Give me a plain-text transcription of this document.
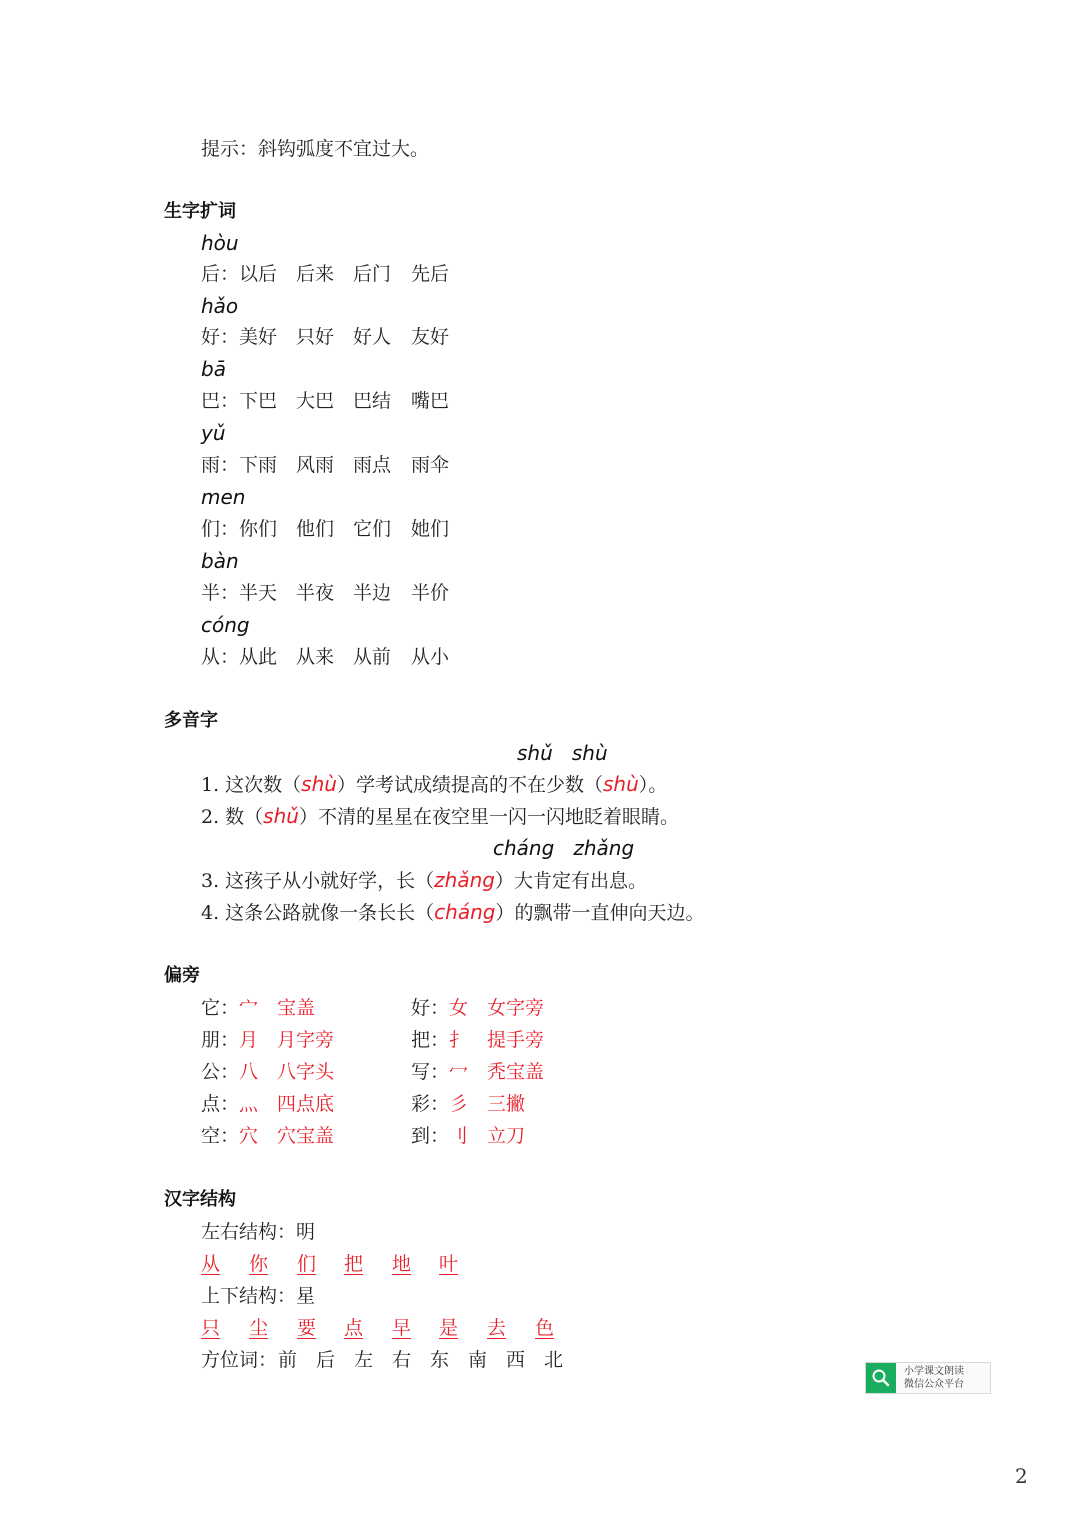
提示：斜钩弧度不宜过大。
生字扩词
hòu
后：以后 后来 后门 先后
hǎo
好：美好 只好 好人 友好
bā
巴：下巴 大巴 巴结 嘴巴
yǔ
雨：下雨 风雨 雨点 雨伞
men
们：你们 他们 它们 她们
bàn
半：半天 半夜 半边 半价
cóng
从：从此 从来 从前 从小
多音字
shǔ   shù
1. 这次数（shù）学考试成绩提高的不在少数（shù）。
2. 数（shǔ）不清的星星在夜空里一闪一闪地眨着眼睛。
cháng   zhǎng
3. 这孩子从小就好学，长（zhǎng）大肯定有出息。
4. 这条公路就像一条长长（cháng）的飘带一直伸向天边。
偏旁
它： 宀 宝盖
朋： 月 月字旁
公： 八 八字头
点： 灬 四点底
空： 穴 穴宝盖
好： 女 女字旁
把： 扌 提手旁
写： 冖 秃宝盖
彩： 彡 三撇
到： 刂 立刀
汉字结构
左右结构：明
从 你 们 把 地 叶
上下结构：星
只 尘 要 点 早 是 去 色
方位词： 前 后 左 右 东 南 西 北
小学课文朗读
微信公众平台
2
